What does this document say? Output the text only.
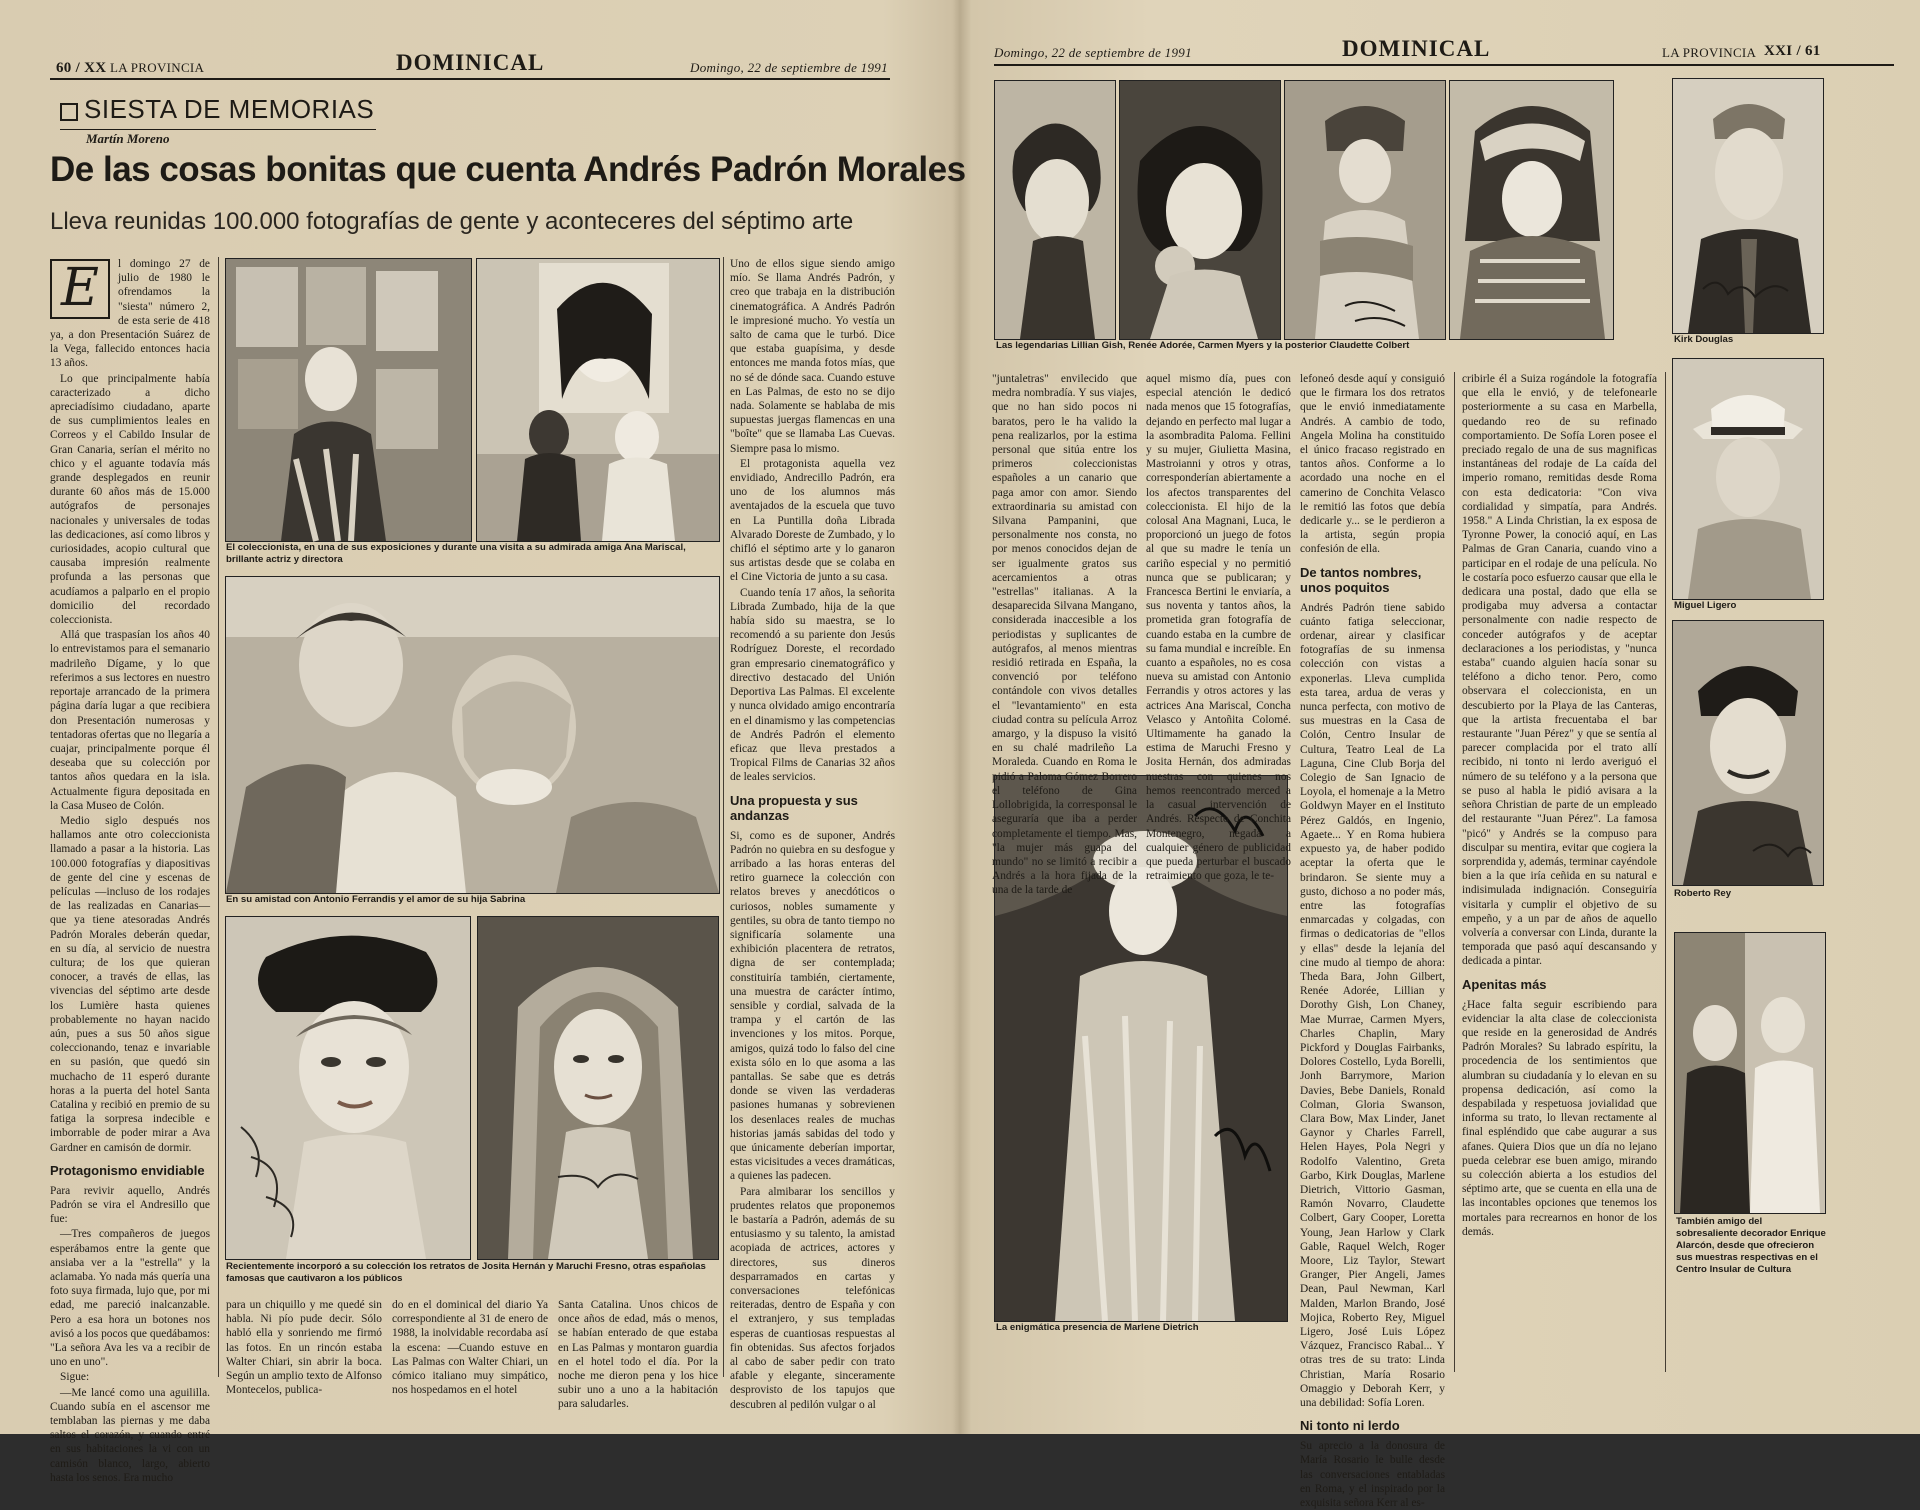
60 / XX LA PROVINCIA	DOMINICAL	Domingo, 22 de septiembre de 1991
SIESTA DE MEMORIAS
Martín Moreno
De las cosas bonitas que cuenta Andrés Padrón Morales
Lleva reunidas 100.000 fotografías de gente y aconteceres del séptimo arte
E	l domingo 27 de julio de 1980 le ofrendamos la "siesta" número 2, de esta serie de 418 ya, a don Presentación Suárez de la Vega, fallecido entonces hacia 13 años.

Lo que principalmente había caracterizado a dicho apreciadísimo ciudadano, aparte de sus cumplimientos leales en Correos y el Cabildo Insular de Gran Canaria, serían el mérito no chico y el aguante todavía más grande desplegados en reunir durante 60 años más de 15.000 autógrafos de personajes nacionales y universales de todas las dedicaciones, así como libros y curiosidades, acopio cultural que causaba impresión realmente profunda a las personas que acudíamos a palparlo en el propio domicilio del recordado coleccionista.

Allá que traspasían los años 40 lo entrevistamos para el semanario madrileño Dígame, y lo que referimos a sus lectores en nuestro reportaje arrancado de la primera página daría lugar a que recibiera don Presentación numerosas y tentadoras ofertas que no llegaría a cuajar, principalmente porque él deseaba que su colección por tantos años quedara en la isla. Actualmente figura depositada en la Casa Museo de Colón.

Medio siglo después nos hallamos ante otro coleccionista llamado a pasar a la historia. Las 100.000 fotografías y diapositivas de gente del cine y escenas de películas —incluso de los rodajes de las realizadas en Canarias— que ya tiene atesoradas Andrés Padrón Morales deberán quedar, en su día, al servicio de nuestra cultura; de los que quieran conocer, a través de ellas, las vivencias del séptimo arte desde los Lumière hasta quienes probablemente no hayan nacido aún, pues a sus 50 años sigue coleccionando, tenaz e invariable en su pasión, que quedó sin muchacho de 11 esperó durante horas a la puerta del hotel Santa Catalina y recibió en premio de su fatiga la sorpresa indecible e imborrable de poder mirar a Ava Gardner en camisón de dormir.

Protagonismo envidiable

Para revivir aquello, Andrés Padrón se vira el Andresillo que fue:

—Tres compañeros de juegos esperábamos entre la gente que ansiaba ver a la "estrella" y la aclamaba. Yo nada más quería una foto suya firmada, lujo que, por mi edad, me pareció inalcanzable. Pero a esa hora un botones nos avisó a los pocos que quedábamos: "La señora Ava les va a recibir de uno en uno".

Sigue:

—Me lancé como una aguililla. Cuando subía en el ascensor me temblaban las piernas y me daba saltos el corazón, y cuando entré en sus habitaciones la vi con un camisón blanco, largo, abierto hasta los senos. Era mucho

El coleccionista, en una de sus exposiciones y durante una visita a su admirada amiga Ana Mariscal, brillante actriz y directora
En su amistad con Antonio Ferrandis y el amor de su hija Sabrina
Recientemente incorporó a su colección los retratos de Josita Hernán y Maruchi Fresno, otras españolas famosas que cautivaron a los públicos

para un chiquillo y me quedé sin habla. Ni pío pude decir. Sólo habló ella y sonriendo me firmó las fotos. En un rincón estaba Walter Chiari, sin abrir la boca. Según un amplio texto de Alfonso Montecelos, publica-

do en el dominical del diario Ya correspondiente al 31 de enero de 1988, la inolvidable recordaba así la escena: —Cuando estuve en Las Palmas con Walter Chiari, un cómico italiano muy simpático, nos hospedamos en el hotel

Santa Catalina. Unos chicos de once años de edad, más o menos, se habían enterado de que estaba en Las Palmas y montaron guardia en el hotel todo el día. Por la noche me dieron pena y los hice subir uno a uno a la habitación para saludarles.

Uno de ellos sigue siendo amigo mío. Se llama Andrés Padrón, y creo que trabaja en la distribución cinematográfica. A Andrés Padrón le impresioné mucho. Yo vestía un salto de cama que le turbó. Dice que estaba guapísima, y desde entonces me manda fotos mías, que no sé de dónde saca. Cuando estuve en Las Palmas, de esto no se dijo nada. Solamente se hablaba de mis supuestas juergas flamencas en una "boîte" que se llamaba Las Cuevas. Siempre pasa lo mismo.

El protagonista aquella vez envidiado, Andrecillo Padrón, era uno de los alumnos más aventajados de la escuela que tuvo en La Puntilla doña Librada Alvarado Doreste de Zumbado, y lo chifló el séptimo arte y lo ganaron sus artistas desde que se colaba en el Cine Victoria de junto a su casa.

Cuando tenía 17 años, la señorita Librada Zumbado, hija de la que había sido su maestra, se lo recomendó a su pariente don Jesús Rodríguez Doreste, el recordado gran empresario cinematográfico y directivo destacado del Unión Deportiva Las Palmas. El excelente y nunca olvidado amigo encontraría en el dinamismo y las competencias de Andrés Padrón el elemento eficaz que lleva prestados a Tropical Films de Canarias 32 años de leales servicios.

Una propuesta y sus andanzas

Si, como es de suponer, Andrés Padrón no quiebra en su desfogue y arribado a las horas enteras del retiro guarnece la colección con relatos breves y anecdóticos o curiosos, nobles sumamente y gentiles, su obra de tanto tiempo no significaría solamente una exhibición placentera de retratos, digna de ser contemplada; constituiría también, ciertamente, una muestra de carácter íntimo, sensible y cordial, salvada de la trampa y el cartón de las invenciones y los mitos. Porque, amigos, quizá todo lo falso del cine exista sólo en lo que asoma a las pantallas. Se sabe que es detrás donde se viven las verdaderas pasiones humanas y sobrevienen los desenlaces reales de muchas historias jamás sabidas del todo y que únicamente deberían importar, estas vicisitudes a veces dramáticas, a quienes las padecen.

Para almibarar los sencillos y prudentes relatos que proponemos le bastaría a Padrón, además de su entusiasmo y su talento, la amistad acopiada de actrices, actores y directores, sus dineros desparramados en cartas y conversaciones telefónicas reiteradas, dentro de España y con el extranjero, y sus templadas esperas de cuantiosas respuestas al fin obtenidas. Sus afectos forjados al cabo de saber pedir con trato afable y elegante, sinceramente desprovisto de los tapujos que descubren al pedilón vulgar o al

Domingo, 22 de septiembre de 1991	DOMINICAL	LA PROVINCIA XXI / 61
Las legendarias Lillian Gish, Renée Adorée, Carmen Myers y la posterior Claudette Colbert
Kirk Douglas
Miguel Ligero
Roberto Rey
La enigmática presencia de Marlene Dietrich
También amigo del sobresaliente decorador Enrique Alarcón, desde que ofrecieron sus muestras respectivas en el Centro Insular de Cultura

"juntaletras" envilecido que medra nombradía. Y sus viajes, que no han sido pocos ni baratos, pero le ha valido la pena realizarlos, por la estima personal que sitúa entre los primeros coleccionistas españoles a un canario que paga amor con amor. Siendo extraordinaria su amistad con Silvana Pampanini, que personalmente nos consta, no por menos conocidos dejan de ser igualmente gratos sus acercamientos a otras "estrellas" italianas. A la desaparecida Silvana Mangano, considerada inaccesible a los periodistas y suplicantes de autógrafos, al menos mientras residió retirada en España, la convenció por teléfono contándole con vivos detalles el "levantamiento" en esta ciudad contra su película Arroz amargo, y la dispuso la visitó en su chalé madrileño La Moraleda. Cuando en Roma le pidió a Paloma Gómez Borrero el teléfono de Gina Lollobrigida, la corresponsal le aseguraría que iba a perder completamente el tiempo. Mas, "la mujer más guapa del mundo" no se limitó a recibir a Andrés a la hora fijada de la una de la tarde de

aquel mismo día, pues con especial atención le dedicó nada menos que 15 fotografías, dejando en perfecto mal lugar a la asombradita Paloma. Fellini y su mujer, Giulietta Masina, Mastroianni y otros y otras, corresponderían abiertamente a los afectos transparentes del coleccionista. El hijo de la colosal Ana Magnani, Luca, le proporcionó un juego de fotos al que su madre le tenía un cariño especial y no permitió nunca que se publicaran; y Francesca Bertini le enviaría, a sus noventa y tantos años, la prometida gran fotografía de cuando estaba en la cumbre de su fama mundial e increíble. En cuanto a españoles, no es cosa nueva su amistad con Antonio Ferrandis y otros actores y las actrices Ana Mariscal, Concha Velasco y Antoñita Colomé. Ultimamente ha ganado la estima de Maruchi Fresno y Josita Hernán, dos admiradas nuestras con quienes nos hemos reencontrado merced a la casual intervención de Andrés. Respecto de Conchita Montenegro, negada a cualquier género de publicidad que pueda perturbar el buscado retraimiento que goza, le te-

lefoneó desde aquí y consiguió que le firmara los dos retratos que le envió inmediatamente Andrés. A cambio de todo, Angela Molina ha constituido el único fracaso registrado en tantos años. Conforme a lo acordado una noche en el camerino de Conchita Velasco le remitió las fotos que debía dedicarle y... se le perdieron a la artista, según propia confesión de ella.

De tantos nombres, unos poquitos

Andrés Padrón tiene sabido cuánto fatiga seleccionar, ordenar, airear y clasificar fotografías de su inmensa colección con vistas a exponerlas. Lleva cumplida esta tarea, ardua de veras y nunca perfecta, con motivo de sus muestras en la Casa de Colón, Centro Insular de Cultura, Teatro Leal de La Laguna, Cine Club Borja del Colegio de San Ignacio de Loyola, el homenaje a la Metro Goldwyn Mayer en el Instituto Pérez Galdós, en Ingenio, Agaete... Y en Roma hubiera expuesto ya, de haber podido aceptar la oferta que le brindaron. Se siente muy a gusto, dichoso a no poder más, entre las fotografías enmarcadas y colgadas, con firmas o dedicatorias de "ellos y ellas" desde la lejanía del cine mudo al tiempo de ahora: Theda Bara, John Gilbert, Renée Adorée, Lillian y Dorothy Gish, Lon Chaney, Mae Murrae, Carmen Myers, Charles Chaplin, Mary Pickford y Douglas Fairbanks, Dolores Costello, Lyda Borelli, Jonh Barrymore, Marion Davies, Bebe Daniels, Ronald Colman, Gloria Swanson, Clara Bow, Max Linder, Janet Gaynor y Charles Farrell, Helen Hayes, Pola Negri y Rodolfo Valentino, Greta Garbo, Kirk Douglas, Marlene Dietrich, Vittorio Gasman, Ramón Novarro, Claudette Colbert, Gary Cooper, Loretta Young, Jean Harlow y Clark Gable, Raquel Welch, Roger Moore, Liz Taylor, Stewart Granger, Pier Angeli, James Dean, Paul Newman, Karl Malden, Marlon Brando, José Mojica, Roberto Rey, Miguel Ligero, José Luis López Vázquez, Francisco Rabal... Y otras tres de su trato: Linda Christian, María Rosario Omaggio y Deborah Kerr, y una debilidad: Sofía Loren.

Ni tonto ni lerdo

Su aprecio a la donosura de María Rosario le bulle desde las conversaciones entabladas en Roma, y el inspirado por la exquisita señora Kerr al es-

cribirle él a Suiza rogándole la fotografía que ella le envió, y de telefonearle posteriormente a su casa en Marbella, quedando reo de su refinado comportamiento. De Sofía Loren posee el preciado regalo de una de sus magnificas instantáneas del rodaje de La caída del imperio romano, remitidas desde Roma con esta dedicatoria: "Con viva cordialidad y simpatía, para Andrés. 1958." A Linda Christian, la ex esposa de Tyronne Power, la conoció aquí, en Las Palmas de Gran Canaria, cuando vino a participar en el rodaje de una película. No le costaría poco esfuerzo causar que ella le dedicara una postal, dado que ella se prodigaba muy adversa a contactar personalmente con nadie respecto de conceder autógrafos y de aceptar declaraciones a los periodistas, y "nunca estaba" cuando alguien hacía sonar su teléfono a dicho tenor. Pero, como observara el coleccionista, en un descubierto por la Playa de las Canteras, que la artista frecuentaba el bar restaurante "Juan Pérez" y que se sentía al parecer complacida por el trato allí recibido, ni tonto ni lerdo averiguó el número de su teléfono y a la persona que se puso al habla le pidió avisara a la señora Christian de parte de un empleado del restaurante "Juan Pérez". La famosa "picó" y Andrés se la compuso para disculpar su mentira, evitar que cogiera la sorprendida y, además, terminar cayéndole bien a la que iría ceñida en su natural e indisimulada indignación. Conseguiría visitarla y cumplir el objetivo de su empeño, y a un par de años de aquello volvería a conversar con Linda, durante la temporada que pasó aquí descansando y dedicada a pintar.

Apenitas más

¿Hace falta seguir escribiendo para evidenciar la alta clase de coleccionista que reside en la generosidad de Andrés Padrón Morales? Su labrado espíritu, la procedencia de los sentimientos que alumbran su ciudadanía y lo elevan en su propensa dedicación, así como la despabilada y respetuosa jovialidad que informa su trato, lo llevan rectamente al final espléndido que cabe augurar a sus afanes. Quiera Dios que un día no lejano pueda celebrar ese buen amigo, mirando su colección abierta a los estudios del séptimo arte, que se cuenta en ella una de las incontables opciones que tenemos los mortales para recrearnos en honor de los demás.
